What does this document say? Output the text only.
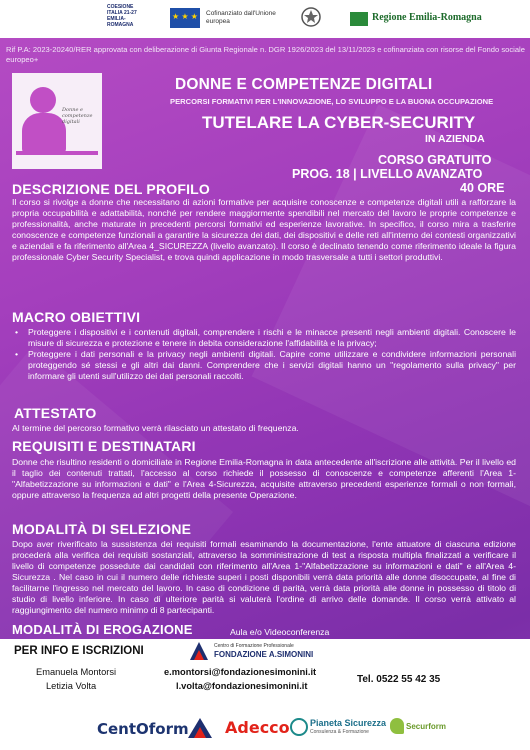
COESIONE ITALIA 21-27 EMILIA-ROMAGNA
★ ★ ★	Cofinanziato dall'Unione europea	Regione Emilia-Romagna
Rif P.A: 2023-20240/RER approvata con deliberazione di Giunta Regionale n. DGR 1926/2023 del 13/11/2023 e cofinanziata con risorse del Fondo sociale europeo+
Donne e competenze digitali
DONNE E COMPETENZE DIGITALI
PERCORSI FORMATIVI PER L'INNOVAZIONE, LO SVILUPPO E LA BUONA OCCUPAZIONE
TUTELARE LA CYBER-SECURITY
IN AZIENDA
CORSO GRATUITO
PROG. 18 | LIVELLO AVANZATO
40 ORE
DESCRIZIONE DEL PROFILO
Il corso si rivolge a donne che necessitano di azioni formative per acquisire conoscenze e competenze digitali utili a rafforzare la propria occupabilità e adattabilità, nonché per rendere maggiormente spendibili nel mercato del lavoro le proprie competenze e professionalità, anche maturate in precedenti percorsi formativi ed esperienze lavorative. In specifico, il corso mira a trasferire conoscenze e competenze funzionali a garantire la sicurezza dei dati, dei dispositivi e delle reti all'interno dei contesti organizzativi e aziendali e fa riferimento all'Area 4_SICUREZZA (livello avanzato). Il corso è declinato tenendo come riferimento ideale la figura professionale Cyber Security Specialist, e trova quindi applicazione in modo trasversale a tutti i settori produttivi.
MACRO OBIETTIVI
• Proteggere i dispositivi e i contenuti digitali, comprendere i rischi e le minacce presenti negli ambienti digitali. Conoscere le misure di sicurezza e protezione e tenere in debita considerazione l'affidabilità e la privacy;
• Proteggere i dati personali e la privacy negli ambienti digitali. Capire come utilizzare e condividere informazioni personali proteggendo sé stessi e gli altri dai danni. Comprendere che i servizi digitali hanno un "regolamento sulla privacy" per informare gli utenti sull'utilizzo dei dati personali raccolti.
ATTESTATO
Al termine del percorso formativo verrà rilasciato un attestato di frequenza.
REQUISITI E DESTINATARI
Donne che risultino residenti o domiciliate in Regione Emilia-Romagna in data antecedente all'iscrizione alle attività. Per il livello ed il taglio dei contenuti trattati, l'accesso al corso richiede il possesso di conoscenze e competenze afferenti l'Area 1-"Alfabetizzazione su informazioni e dati" e l'Area 4-Sicurezza, acquisite attraverso precedenti esperienze formali o non formali, oppure attraverso la frequenza ad altri progetti della presente Operazione.
MODALITÀ DI SELEZIONE
Dopo aver riverificato la sussistenza dei requisiti formali esaminando la documentazione, l'ente attuatore di ciascuna edizione procederà alla verifica dei requisiti sostanziali, attraverso la somministrazione di test a risposta multipla finalizzati a verificare il livello di competenze possedute dai candidati con riferimento all'Area 1-"Alfabetizzazione su informazioni e dati" e all'Area 4-Sicurezza . Nel caso in cui il numero delle richieste superi i posti disponibili verrà data priorità alle donne disoccupate, al fine di facilitarne l'ingresso nel mercato del lavoro. In caso di condizione di parità, verrà data priorità alle donne in possesso di titolo di studio di livello inferiore. In caso di ulteriore parità si valuterà l'ordine di arrivo delle domande. Il corso verrà attivato al raggiungimento del numero minimo di 8 partecipanti.
MODALITÀ DI EROGAZIONE	Aula e/o Videoconferenza
PER INFO E ISCRIZIONI	Centro di Formazione Professionale
FONDAZIONE A.SIMONINI
Emanuela Montorsi
Letizia Volta
e.montorsi@fondazionesimonini.it
l.volta@fondazionesimonini.it
Tel. 0522 55 42 35
CentOform Adecco Pianeta Sicurezza
Consulenza & Formazione
Securform
